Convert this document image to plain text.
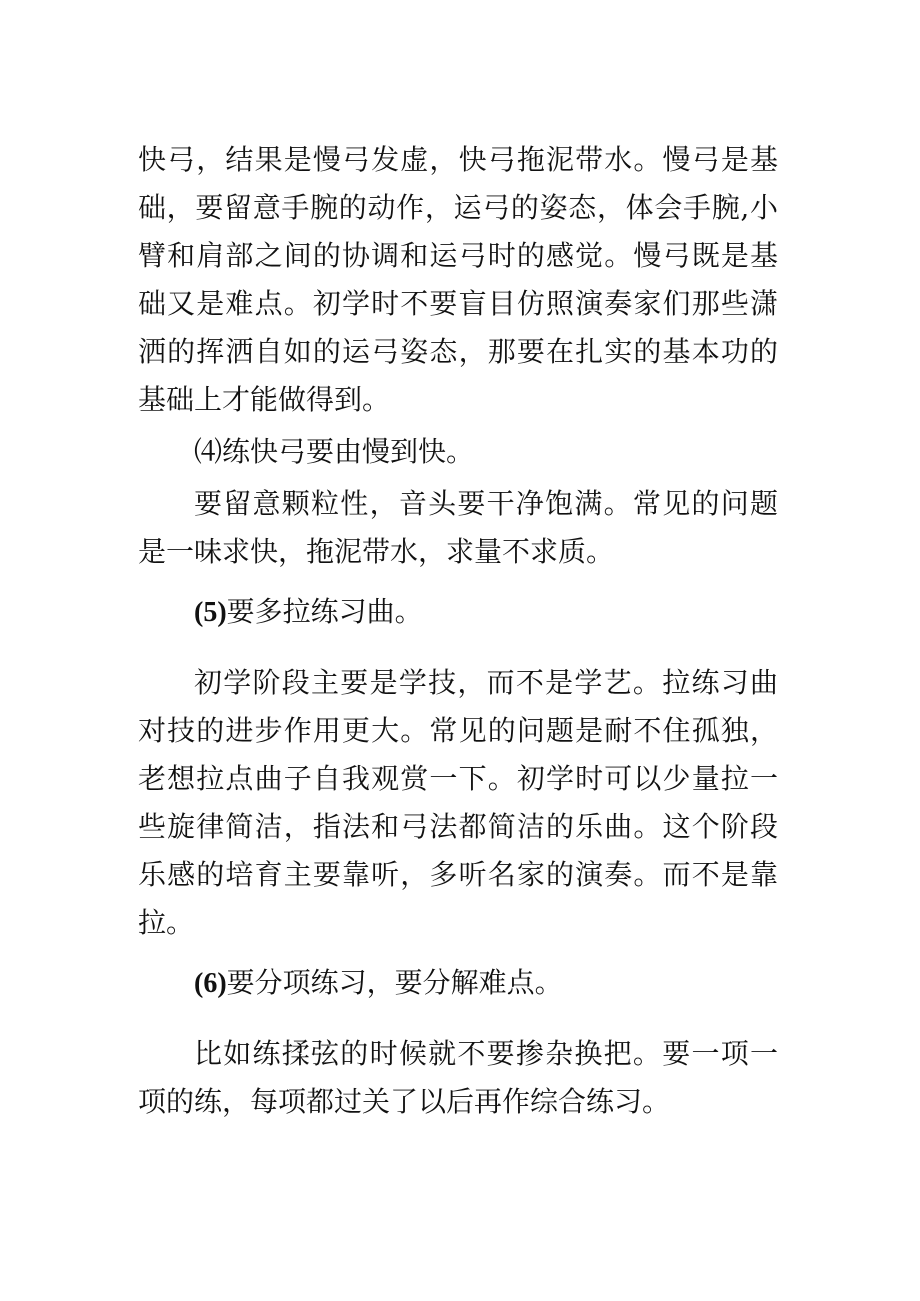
快弓，结果是慢弓发虚，快弓拖泥带水。慢弓是基础，要留意手腕的动作，运弓的姿态，体会手腕,小臂和肩部之间的协调和运弓时的感觉。慢弓既是基础又是难点。初学时不要盲目仿照演奏家们那些潇洒的挥洒自如的运弓姿态，那要在扎实的基本功的基础上才能做得到。

⑷练快弓要由慢到快。

要留意颗粒性，音头要干净饱满。常见的问题是一味求快，拖泥带水，求量不求质。

(5)要多拉练习曲。

初学阶段主要是学技，而不是学艺。拉练习曲对技的进步作用更大。常见的问题是耐不住孤独，老想拉点曲子自我观赏一下。初学时可以少量拉一些旋律简洁，指法和弓法都简洁的乐曲。这个阶段乐感的培育主要靠听，多听名家的演奏。而不是靠拉。

(6)要分项练习，要分解难点。

比如练揉弦的时候就不要掺杂换把。要一项一项的练，每项都过关了以后再作综合练习。
